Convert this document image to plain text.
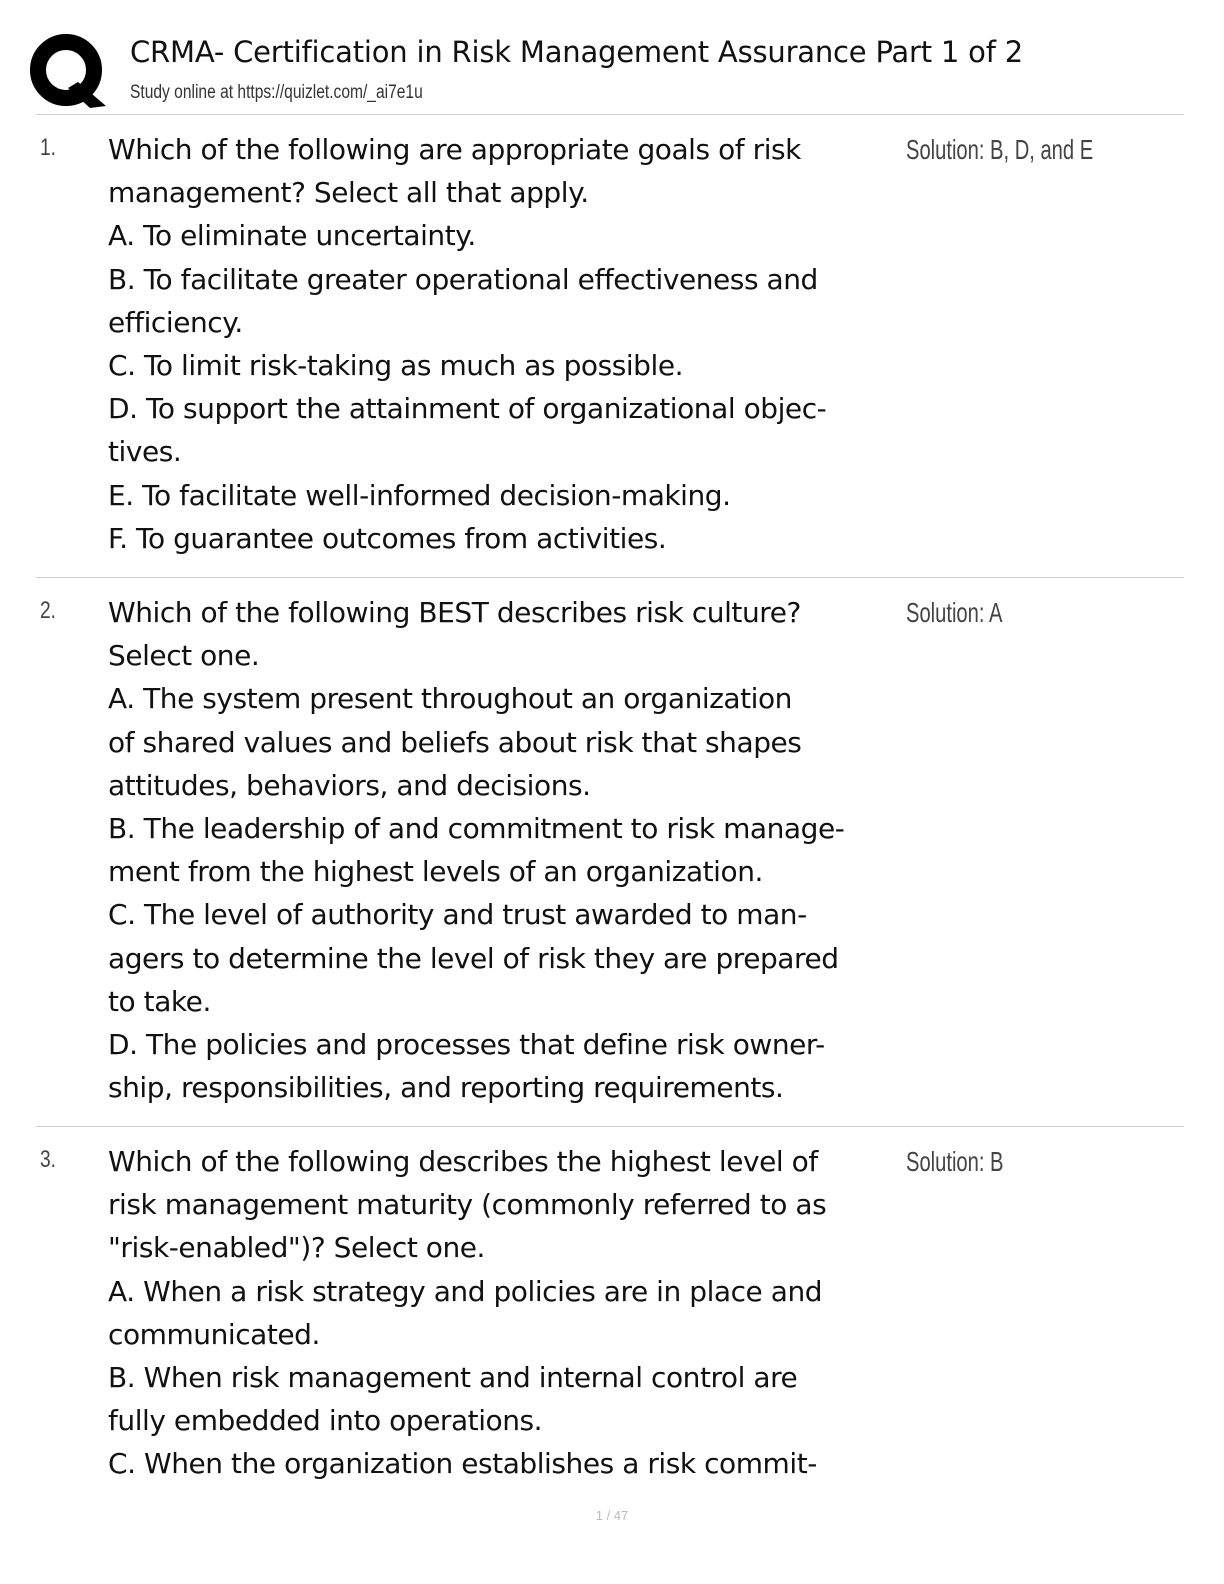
CRMA- Certification in Risk Management Assurance Part 1 of 2
Study online at https://quizlet.com/_ai7e1u
1. Which of the following are appropriate goals of risk
management? Select all that apply.
A. To eliminate uncertainty.
B. To facilitate greater operational effectiveness and
efficiency.
C. To limit risk-taking as much as possible.
D. To support the attainment of organizational objec-
tives.
E. To facilitate well-informed decision-making.
F. To guarantee outcomes from activities.
Solution: B, D, and E
2. Which of the following BEST describes risk culture?
Select one.
A. The system present throughout an organization
of shared values and beliefs about risk that shapes
attitudes, behaviors, and decisions.
B. The leadership of and commitment to risk manage-
ment from the highest levels of an organization.
C. The level of authority and trust awarded to man-
agers to determine the level of risk they are prepared
to take.
D. The policies and processes that define risk owner-
ship, responsibilities, and reporting requirements.
Solution: A
3. Which of the following describes the highest level of
risk management maturity (commonly referred to as
"risk-enabled")? Select one.
A. When a risk strategy and policies are in place and
communicated.
B. When risk management and internal control are
fully embedded into operations.
C. When the organization establishes a risk commit-
Solution: B
1 / 47
